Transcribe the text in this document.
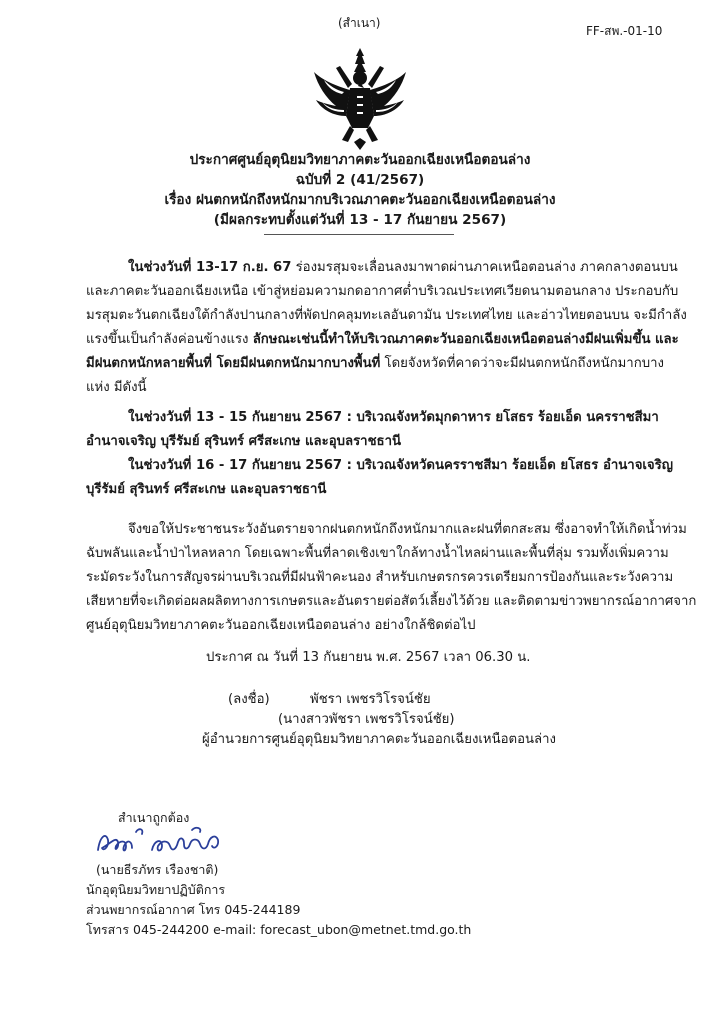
(สำเนา)
FF-สพ.-01-10
ประกาศศูนย์อุตุนิยมวิทยาภาคตะวันออกเฉียงเหนือตอนล่าง
ฉบับที่ 2 (41/2567)
เรื่อง ฝนตกหนักถึงหนักมากบริเวณภาคตะวันออกเฉียงเหนือตอนล่าง
(มีผลกระทบตั้งแต่วันที่ 13 - 17 กันยายน 2567)
ในช่วงวันที่ 13-17 ก.ย. 67 ร่องมรสุมจะเลื่อนลงมาพาดผ่านภาคเหนือตอนล่าง ภาคกลางตอนบน
และภาคตะวันออกเฉียงเหนือ เข้าสู่หย่อมความกดอากาศต่ำบริเวณประเทศเวียดนามตอนกลาง ประกอบกับ
มรสุมตะวันตกเฉียงใต้กำลังปานกลางที่พัดปกคลุมทะเลอันดามัน ประเทศไทย และอ่าวไทยตอนบน จะมีกำลัง
แรงขึ้นเป็นกำลังค่อนข้างแรง ลักษณะเช่นนี้ทำให้บริเวณภาคตะวันออกเฉียงเหนือตอนล่างมีฝนเพิ่มขึ้น และ
มีฝนตกหนักหลายพื้นที่ โดยมีฝนตกหนักมากบางพื้นที่ โดยจังหวัดที่คาดว่าจะมีฝนตกหนักถึงหนักมากบาง
แห่ง มีดังนี้
ในช่วงวันที่ 13 - 15 กันยายน 2567 : บริเวณจังหวัดมุกดาหาร ยโสธร ร้อยเอ็ด นครราชสีมา
อำนาจเจริญ บุรีรัมย์ สุรินทร์ ศรีสะเกษ และอุบลราชธานี
ในช่วงวันที่ 16 - 17 กันยายน 2567 : บริเวณจังหวัดนครราชสีมา ร้อยเอ็ด ยโสธร อำนาจเจริญ
บุรีรัมย์ สุรินทร์ ศรีสะเกษ และอุบลราชธานี
จึงขอให้ประชาชนระวังอันตรายจากฝนตกหนักถึงหนักมากและฝนที่ตกสะสม ซึ่งอาจทำให้เกิดน้ำท่วม
ฉับพลันและน้ำป่าไหลหลาก โดยเฉพาะพื้นที่ลาดเชิงเขาใกล้ทางน้ำไหลผ่านและพื้นที่ลุ่ม รวมทั้งเพิ่มความ
ระมัดระวังในการสัญจรผ่านบริเวณที่มีฝนฟ้าคะนอง สำหรับเกษตรกรควรเตรียมการป้องกันและระวังความ
เสียหายที่จะเกิดต่อผลผลิตทางการเกษตรและอันตรายต่อสัตว์เลี้ยงไว้ด้วย และติดตามข่าวพยากรณ์อากาศจาก
ศูนย์อุตุนิยมวิทยาภาคตะวันออกเฉียงเหนือตอนล่าง อย่างใกล้ชิดต่อไป
ประกาศ ณ วันที่ 13 กันยายน พ.ศ. 2567 เวลา 06.30 น.
(ลงชื่อ)	พัชรา เพชรวิโรจน์ชัย
(นางสาวพัชรา เพชรวิโรจน์ชัย)
ผู้อำนวยการศูนย์อุตุนิยมวิทยาภาคตะวันออกเฉียงเหนือตอนล่าง
สำเนาถูกต้อง
(นายธีรภัทร เรืองชาติ)
นักอุตุนิยมวิทยาปฏิบัติการ
ส่วนพยากรณ์อากาศ โทร 045-244189
โทรสาร 045-244200 e-mail: forecast_ubon@metnet.tmd.go.th
